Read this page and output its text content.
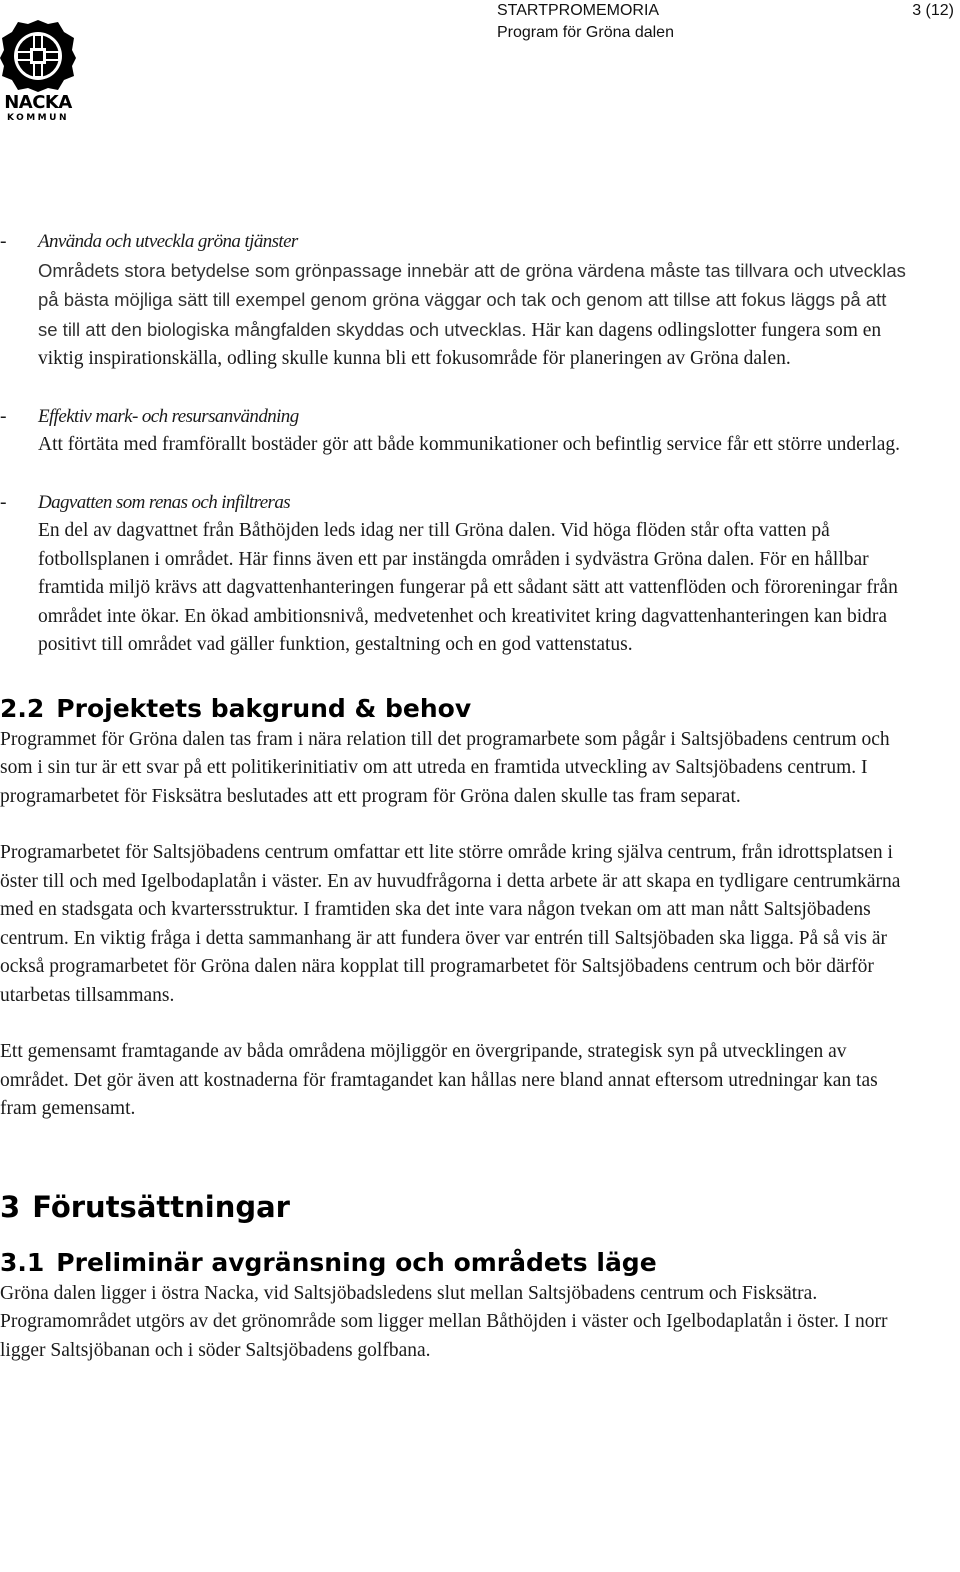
NACKA
KOMMUN
STARTPROMEMORIA
Program för Gröna dalen
3 (12)
- Använda och utveckla gröna tjänster

Områdets stora betydelse som grönpassage innebär att de gröna värdena måste tas tillvara och utvecklas på bästa möjliga sätt till exempel genom gröna väggar och tak och genom att tillse att fokus läggs på att se till att den biologiska mångfalden skyddas och utvecklas. Här kan dagens odlingslotter fungera som en viktig inspirationskälla, odling skulle kunna bli ett fokusområde för planeringen av Gröna dalen.

- Effektiv mark- och resursanvändning

Att förtäta med framförallt bostäder gör att både kommunikationer och befintlig service får ett större underlag.

- Dagvatten som renas och infiltreras

En del av dagvattnet från Båthöjden leds idag ner till Gröna dalen. Vid höga flöden står ofta vatten på fotbollsplanen i området. Här finns även ett par instängda områden i sydvästra Gröna dalen. För en hållbar framtida miljö krävs att dagvattenhanteringen fungerar på ett sådant sätt att vattenflöden och föroreningar från området inte ökar. En ökad ambitionsnivå, medvetenhet och kreativitet kring dagvattenhanteringen kan bidra positivt till området vad gäller funktion, gestaltning och en god vattenstatus.

2.2 Projektets bakgrund & behov

Programmet för Gröna dalen tas fram i nära relation till det programarbete som pågår i Saltsjöbadens centrum och som i sin tur är ett svar på ett politikerinitiativ om att utreda en framtida utveckling av Saltsjöbadens centrum. I programarbetet för Fisksätra beslutades att ett program för Gröna dalen skulle tas fram separat.

Programarbetet för Saltsjöbadens centrum omfattar ett lite större område kring själva centrum, från idrottsplatsen i öster till och med Igelbodaplatån i väster. En av huvudfrågorna i detta arbete är att skapa en tydligare centrumkärna med en stadsgata och kvartersstruktur. I framtiden ska det inte vara någon tvekan om att man nått Saltsjöbadens centrum. En viktig fråga i detta sammanhang är att fundera över var entrén till Saltsjöbaden ska ligga. På så vis är också programarbetet för Gröna dalen nära kopplat till programarbetet för Saltsjöbadens centrum och bör därför utarbetas tillsammans.

Ett gemensamt framtagande av båda områdena möjliggör en övergripande, strategisk syn på utvecklingen av området. Det gör även att kostnaderna för framtagandet kan hållas nere bland annat eftersom utredningar kan tas fram gemensamt.

3 Förutsättningar
3.1 Preliminär avgränsning och områdets läge

Gröna dalen ligger i östra Nacka, vid Saltsjöbadsledens slut mellan Saltsjöbadens centrum och Fisksätra. Programområdet utgörs av det grönområde som ligger mellan Båthöjden i väster och Igelbodaplatån i öster. I norr ligger Saltsjöbanan och i söder Saltsjöbadens golfbana.
